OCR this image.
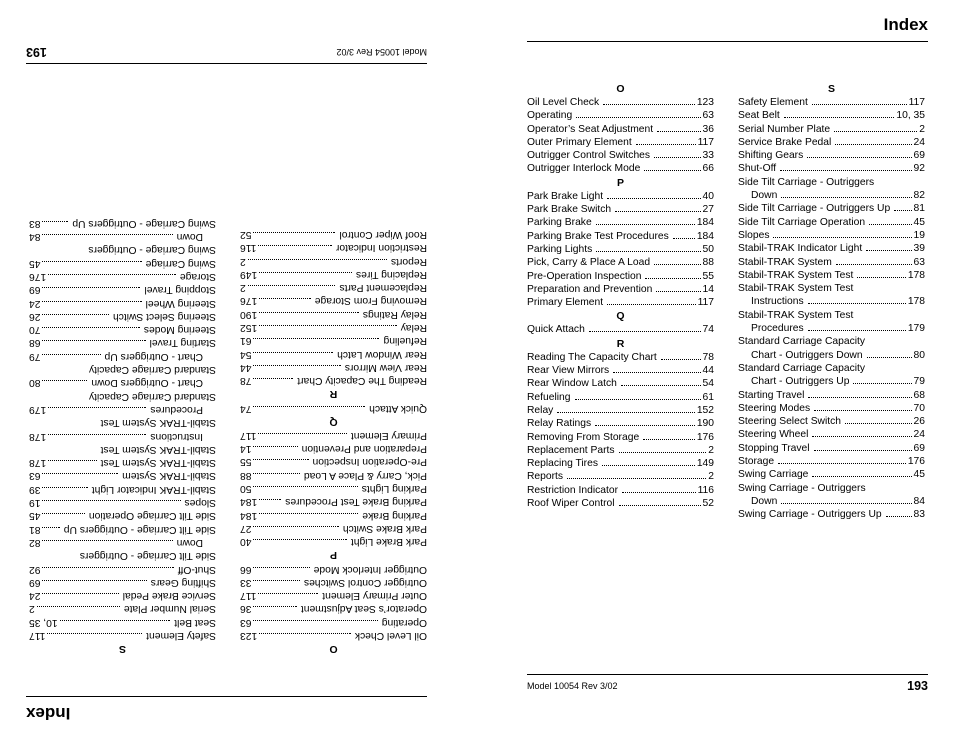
Index
O
Oil Level Check
123
Operating
63
Operator’s Seat Adjustment
36
Outer Primary Element
117
Outrigger Control Switches
33
Outrigger Interlock Mode
66
P
Park Brake Light
40
Park Brake Switch
27
Parking Brake
184
Parking Brake Test Procedures
184
Parking Lights
50
Pick, Carry & Place A Load
88
Pre-Operation Inspection
55
Preparation and Prevention
14
Primary Element
117
Q
Quick Attach
74
R
Reading The Capacity Chart
78
Rear View Mirrors
44
Rear Window Latch
54
Refueling
61
Relay
152
Relay Ratings
190
Removing From Storage
176
Replacement Parts
2
Replacing Tires
149
Reports
2
Restriction Indicator
116
Roof Wiper Control
52
S
Safety Element
117
Seat Belt
10, 35
Serial Number Plate
2
Service Brake Pedal
24
Shifting Gears
69
Shut-Off
92
Side Tilt Carriage - Outriggers
Down
82
Side Tilt Carriage - Outriggers Up
81
Side Tilt Carriage Operation
45
Slopes
19
Stabil-TRAK Indicator Light
39
Stabil-TRAK System
63
Stabil-TRAK System Test
178
Stabil-TRAK System Test
Instructions
178
Stabil-TRAK System Test
Procedures
179
Standard Carriage Capacity
Chart - Outriggers Down
80
Standard Carriage Capacity
Chart - Outriggers Up
79
Starting Travel
68
Steering Modes
70
Steering Select Switch
26
Steering Wheel
24
Stopping Travel
69
Storage
176
Swing Carriage
45
Swing Carriage - Outriggers
Down
84
Swing Carriage - Outriggers Up
83
Model 10054 Rev 3/02
193
Index
O
Oil Level Check	123
Operating	63
Operator’s Seat Adjustment	36
Outer Primary Element	117
Outrigger Control Switches	33
Outrigger Interlock Mode	66
P
Park Brake Light	40
Park Brake Switch	27
Parking Brake	184
Parking Brake Test Procedures	184
Parking Lights	50
Pick, Carry & Place A Load	88
Pre-Operation Inspection	55
Preparation and Prevention	14
Primary Element	117
Q
Quick Attach	74
R
Reading The Capacity Chart	78
Rear View Mirrors	44
Rear Window Latch	54
Refueling	61
Relay	152
Relay Ratings	190
Removing From Storage	176
Replacement Parts	2
Replacing Tires	149
Reports	2
Restriction Indicator	116
Roof Wiper Control	52
S
Safety Element	117
Seat Belt	10, 35
Serial Number Plate	2
Service Brake Pedal	24
Shifting Gears	69
Shut-Off	92
Side Tilt Carriage - Outriggers
Down	82
Side Tilt Carriage - Outriggers Up 81
Side Tilt Carriage Operation	45
Slopes	19
Stabil-TRAK Indicator Light	39
Stabil-TRAK System	63
Stabil-TRAK System Test	178
Stabil-TRAK System Test
Instructions	178
Stabil-TRAK System Test
Procedures	179
Standard Carriage Capacity
Chart - Outriggers Down	80
Standard Carriage Capacity
Chart - Outriggers Up	79
Starting Travel	68
Steering Modes	70
Steering Select Switch	26
Steering Wheel	24
Stopping Travel	69
Storage	176
Swing Carriage	45
Swing Carriage - Outriggers
Down	84
Swing Carriage - Outriggers Up	83
Model 10054 Rev 3/02	193
